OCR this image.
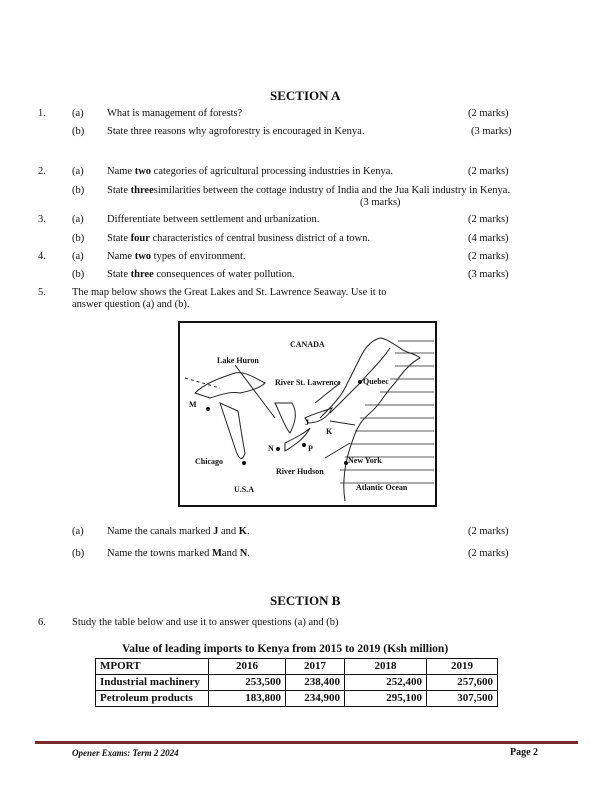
SECTION A
1. (a) What is management of forests?	(2 marks)
(b) State three reasons why agroforestry is encouraged in Kenya.	(3 marks)
2. (a) Name two categories of agricultural processing industries in Kenya.	(2 marks)
(b) State threesimilarities between the cottage industry of India and the Jua Kali industry in Kenya.
(3 marks)
3. (a) Differentiate between settlement and urbanization.	(2 marks)
(b) State four characteristics of central business district of a town.	(4 marks)
4. (a) Name two types of environment.	(2 marks)
(b) State three consequences of water pollution.	(3 marks)
5. The map below shows the Great Lakes and St. Lawrence Seaway. Use it to
answer question (a) and (b).
CANADA
Lake Huron
River St. Lawrence	Quebec
M
J
K
N	P
Chicago	New York
River Hudson
U.S.A	Atlantic Ocean
(a) Name the canals marked J and K.	(2 marks)
(b) Name the towns marked Mand N.	(2 marks)
SECTION B
6. Study the table below and use it to answer questions (a) and (b)
Value of leading imports to Kenya from 2015 to 2019 (Ksh million)
MPORT	2016	2017	2018	2019
Industrial machinery	253,500	238,400	252,400	257,600
Petroleum products	183,800	234,900	295,100	307,500
Opener Exams: Term 2 2024	Page 2
